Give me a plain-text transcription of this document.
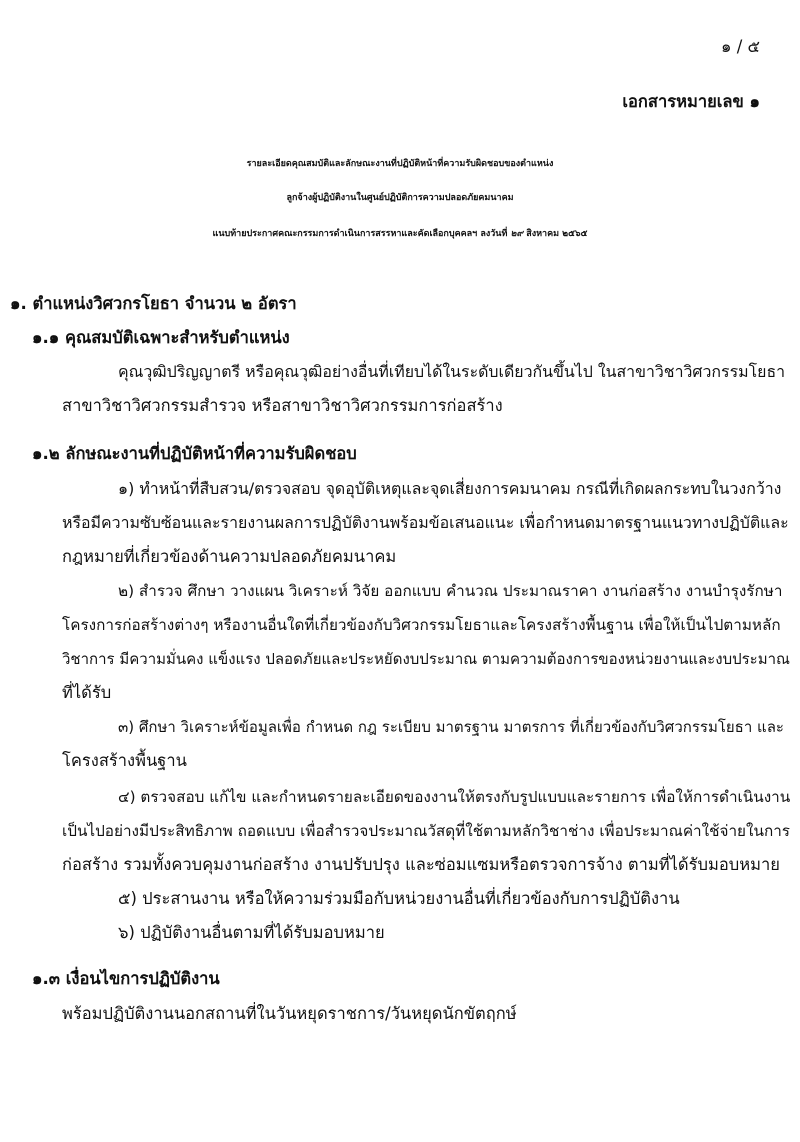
๑ / ๕
เอกสารหมายเลข ๑
รายละเอียดคุณสมบัติและลักษณะงานที่ปฏิบัติหน้าที่ความรับผิดชอบของตำแหน่ง
ลูกจ้างผู้ปฏิบัติงานในศูนย์ปฏิบัติการความปลอดภัยคมนาคม
แนบท้ายประกาศคณะกรรมการดำเนินการสรรหาและคัดเลือกบุคคลฯ ลงวันที่ ๒๙ สิงหาคม ๒๕๖๕
๑. ตำแหน่งวิศวกรโยธา จำนวน ๒ อัตรา
๑.๑ คุณสมบัติเฉพาะสำหรับตำแหน่ง
คุณวุฒิปริญญาตรี หรือคุณวุฒิอย่างอื่นที่เทียบได้ในระดับเดียวกันขึ้นไป ในสาขาวิชาวิศวกรรมโยธา
สาขาวิชาวิศวกรรมสำรวจ หรือสาขาวิชาวิศวกรรมการก่อสร้าง
๑.๒ ลักษณะงานที่ปฏิบัติหน้าที่ความรับผิดชอบ
๑) ทำหน้าที่สืบสวน/ตรวจสอบ จุดอุบัติเหตุและจุดเสี่ยงการคมนาคม กรณีที่เกิดผลกระทบในวงกว้าง
หรือมีความซับซ้อนและรายงานผลการปฏิบัติงานพร้อมข้อเสนอแนะ เพื่อกำหนดมาตรฐานแนวทางปฏิบัติและ
กฎหมายที่เกี่ยวข้องด้านความปลอดภัยคมนาคม
๒) สำรวจ ศึกษา วางแผน วิเคราะห์ วิจัย ออกแบบ คำนวณ ประมาณราคา งานก่อสร้าง งานบำรุงรักษา
โครงการก่อสร้างต่างๆ หรืองานอื่นใดที่เกี่ยวข้องกับวิศวกรรมโยธาและโครงสร้างพื้นฐาน เพื่อให้เป็นไปตามหลัก
วิชาการ มีความมั่นคง แข็งแรง ปลอดภัยและประหยัดงบประมาณ ตามความต้องการของหน่วยงานและงบประมาณ
ที่ได้รับ
๓) ศึกษา วิเคราะห์ข้อมูลเพื่อ กำหนด กฎ ระเบียบ มาตรฐาน มาตรการ ที่เกี่ยวข้องกับวิศวกรรมโยธา และ
โครงสร้างพื้นฐาน
๔) ตรวจสอบ แก้ไข และกำหนดรายละเอียดของงานให้ตรงกับรูปแบบและรายการ เพื่อให้การดำเนินงาน
เป็นไปอย่างมีประสิทธิภาพ ถอดแบบ เพื่อสำรวจประมาณวัสดุที่ใช้ตามหลักวิชาช่าง เพื่อประมาณค่าใช้จ่ายในการ
ก่อสร้าง รวมทั้งควบคุมงานก่อสร้าง งานปรับปรุง และซ่อมแซมหรือตรวจการจ้าง ตามที่ได้รับมอบหมาย
๕) ประสานงาน หรือให้ความร่วมมือกับหน่วยงานอื่นที่เกี่ยวข้องกับการปฏิบัติงาน
๖) ปฏิบัติงานอื่นตามที่ได้รับมอบหมาย
๑.๓ เงื่อนไขการปฏิบัติงาน
พร้อมปฏิบัติงานนอกสถานที่ในวันหยุดราชการ/วันหยุดนักขัตฤกษ์
